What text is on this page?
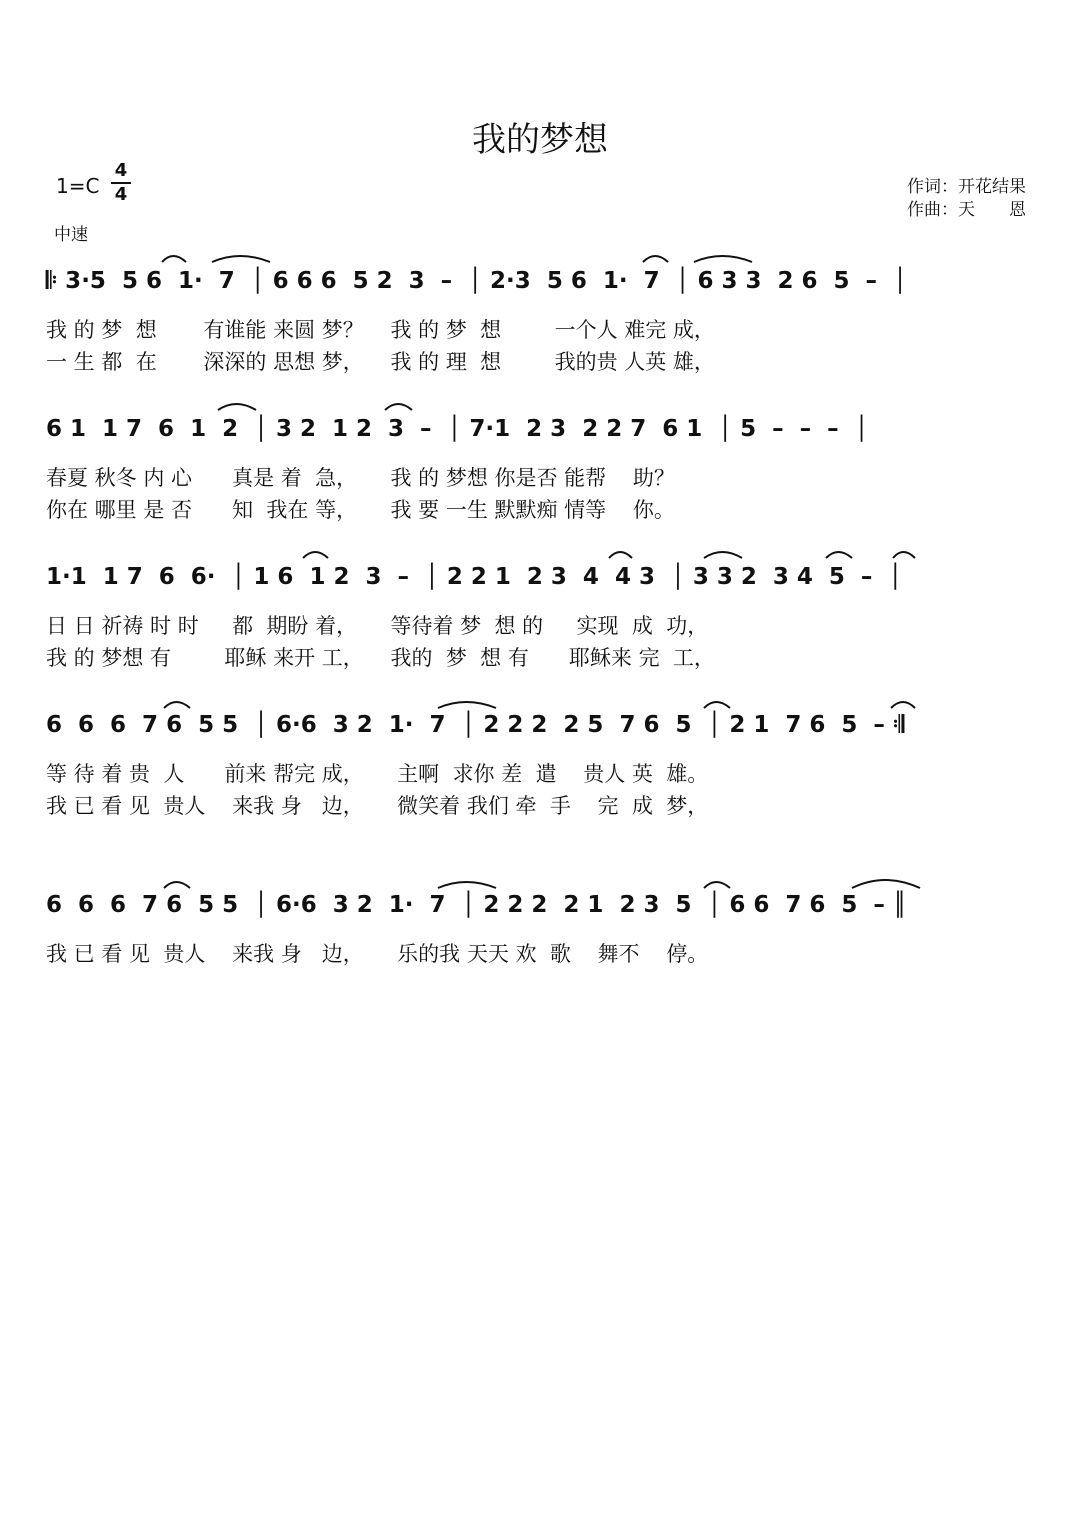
我的梦想
1=C
4
4
中速
作词：开花结果
作曲：天　　恩
𝄆 3·5  5 6  1·  7  │ 6 6 6  5 2  3  –  │ 2·3  5 6  1·  7  │ 6 3 3  2 6  5  –  │
我 的 梦  想       有谁能 来圆 梦？    我 的 梦  想        一个人 难完 成，
一 生 都  在       深深的 思想 梦，    我 的 理  想        我的贵 人英 雄，
6 1  1 7  6  1  2  │ 3 2  1 2  3  –  │ 7·1  2 3  2 2 7  6 1  │ 5  –  –  –  │
春夏 秋冬 内 心      真是 着  急，     我 的 梦想 你是否 能帮    助？
你在 哪里 是 否      知  我在 等，     我 要 一生 默默痴 情等    你。
1·1  1 7  6  6·  │ 1 6  1 2  3  –  │ 2 2 1  2 3  4  4 3  │ 3 3 2  3 4  5  –  │
日 日 祈祷 时 时     都  期盼 着，     等待着 梦  想 的     实现  成  功，
我 的 梦想 有        耶稣 来开 工，    我的  梦  想 有      耶稣来 完  工，
6  6  6  7 6  5 5  │ 6·6  3 2  1·  7  │ 2 2 2  2 5  7 6  5  │ 2 1  7 6  5  – 𝄇
等 待 着 贵  人      前来 帮完 成，     主啊  求你 差  遣    贵人 英  雄。
我 已 看 见  贵人    来我 身   边，     微笑着 我们 牵  手    完  成  梦，
6  6  6  7 6  5 5  │ 6·6  3 2  1·  7  │ 2 2 2  2 1  2 3  5  │ 6 6  7 6  5  – ║
我 已 看 见  贵人    来我 身   边，     乐的我 天天 欢  歌    舞不    停。
